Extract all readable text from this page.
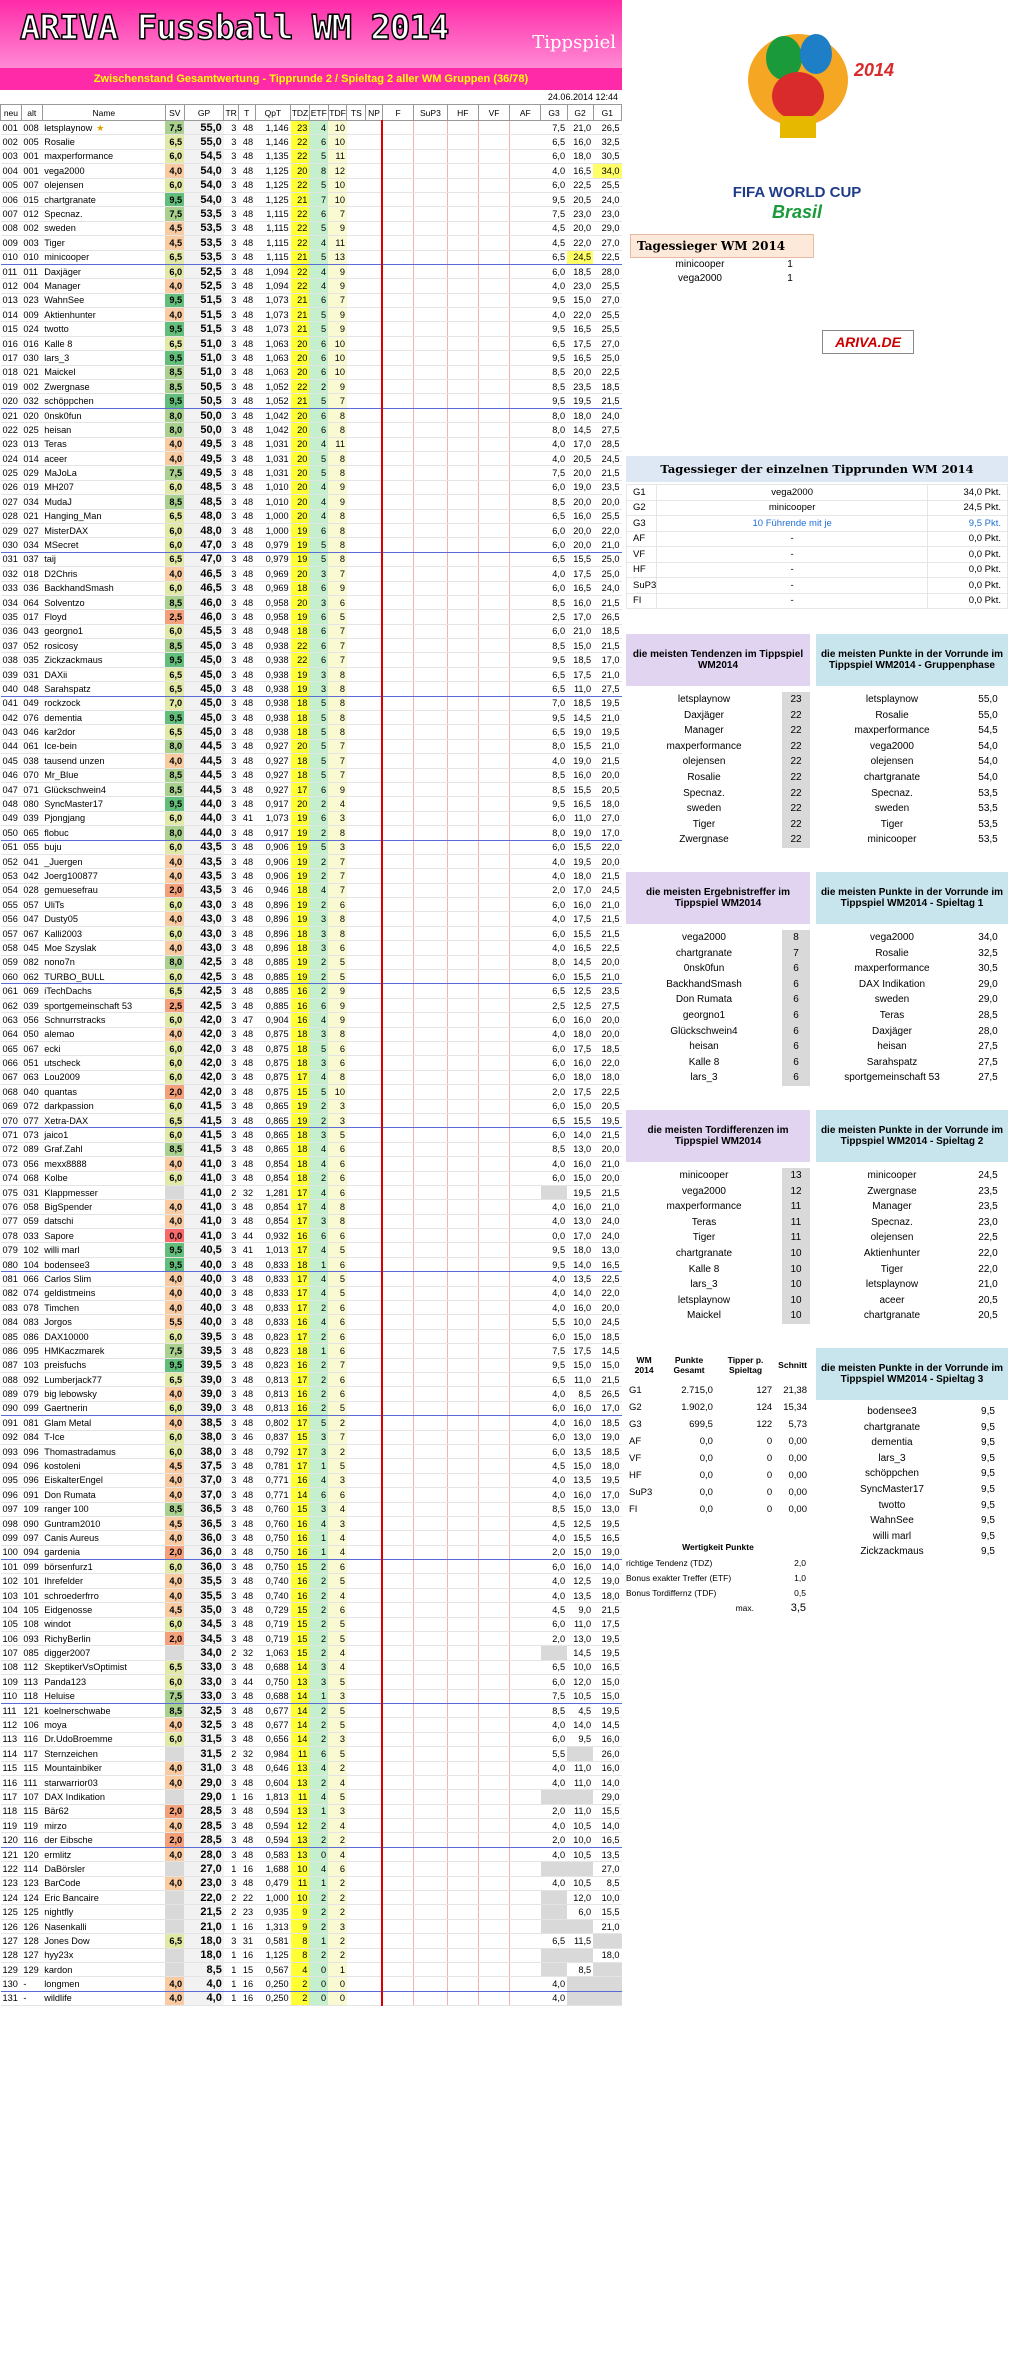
ARIVA Fussball WM 2014	Tippspiel
Zwischenstand Gesamtwertung - Tipprunde 2 / Spieltag 2 aller WM Gruppen (36/78)
24.06.2014 12:44
neu	alt	Name	SV	GP	TR	T	QpT	TDZ	ETF	TDF	TS	NP	F	SuP3	HF	VF	AF	G3	G2	G1
001	008	letsplaynow ★	7,5	55,0	3	48	1,146	23	4	10								7,5	21,0	26,5
002	005	Rosalie	6,5	55,0	3	48	1,146	22	6	10								6,5	16,0	32,5
003	001	maxperformance	6,0	54,5	3	48	1,135	22	5	11								6,0	18,0	30,5
004	001	vega2000	4,0	54,0	3	48	1,125	20	8	12								4,0	16,5	34,0
005	007	olejensen	6,0	54,0	3	48	1,125	22	5	10								6,0	22,5	25,5
006	015	chartgranate	9,5	54,0	3	48	1,125	21	7	10								9,5	20,5	24,0
007	012	Specnaz.	7,5	53,5	3	48	1,115	22	6	7								7,5	23,0	23,0
008	002	sweden	4,5	53,5	3	48	1,115	22	5	9								4,5	20,0	29,0
009	003	Tiger	4,5	53,5	3	48	1,115	22	4	11								4,5	22,0	27,0
010	010	minicooper	6,5	53,5	3	48	1,115	21	5	13								6,5	24,5	22,5
011	011	Daxjäger	6,0	52,5	3	48	1,094	22	4	9								6,0	18,5	28,0
012	004	Manager	4,0	52,5	3	48	1,094	22	4	9								4,0	23,0	25,5
013	023	WahnSee	9,5	51,5	3	48	1,073	21	6	7								9,5	15,0	27,0
014	009	Aktienhunter	4,0	51,5	3	48	1,073	21	5	9								4,0	22,0	25,5
015	024	twotto	9,5	51,5	3	48	1,073	21	5	9								9,5	16,5	25,5
016	016	Kalle 8	6,5	51,0	3	48	1,063	20	6	10								6,5	17,5	27,0
017	030	lars_3	9,5	51,0	3	48	1,063	20	6	10								9,5	16,5	25,0
018	021	Maickel	8,5	51,0	3	48	1,063	20	6	10								8,5	20,0	22,5
019	002	Zwergnase	8,5	50,5	3	48	1,052	22	2	9								8,5	23,5	18,5
020	032	schöppchen	9,5	50,5	3	48	1,052	21	5	7								9,5	19,5	21,5
021	020	0nsk0fun	8,0	50,0	3	48	1,042	20	6	8								8,0	18,0	24,0
022	025	heisan	8,0	50,0	3	48	1,042	20	6	8								8,0	14,5	27,5
023	013	Teras	4,0	49,5	3	48	1,031	20	4	11								4,0	17,0	28,5
024	014	aceer	4,0	49,5	3	48	1,031	20	5	8								4,0	20,5	24,5
025	029	MaJoLa	7,5	49,5	3	48	1,031	20	5	8								7,5	20,0	21,5
026	019	MH207	6,0	48,5	3	48	1,010	20	4	9								6,0	19,0	23,5
027	034	MudaJ	8,5	48,5	3	48	1,010	20	4	9								8,5	20,0	20,0
028	021	Hanging_Man	6,5	48,0	3	48	1,000	20	4	8								6,5	16,0	25,5
029	027	MisterDAX	6,0	48,0	3	48	1,000	19	6	8								6,0	20,0	22,0
030	034	MSecret	6,0	47,0	3	48	0,979	19	5	8								6,0	20,0	21,0
031	037	taij	6,5	47,0	3	48	0,979	19	5	8								6,5	15,5	25,0
032	018	D2Chris	4,0	46,5	3	48	0,969	20	3	7								4,0	17,5	25,0
033	036	BackhandSmash	6,0	46,5	3	48	0,969	18	6	9								6,0	16,5	24,0
034	064	Solventzo	8,5	46,0	3	48	0,958	20	3	6								8,5	16,0	21,5
035	017	Floyd	2,5	46,0	3	48	0,958	19	6	5								2,5	17,0	26,5
036	043	georgno1	6,0	45,5	3	48	0,948	18	6	7								6,0	21,0	18,5
037	052	rosicosy	8,5	45,0	3	48	0,938	22	6	7								8,5	15,0	21,5
038	035	Zickzackmaus	9,5	45,0	3	48	0,938	22	6	7								9,5	18,5	17,0
039	031	DAXii	6,5	45,0	3	48	0,938	19	3	8								6,5	17,5	21,0
040	048	Sarahspatz	6,5	45,0	3	48	0,938	19	3	8								6,5	11,0	27,5
041	049	rockzock	7,0	45,0	3	48	0,938	18	5	8								7,0	18,5	19,5
042	076	dementia	9,5	45,0	3	48	0,938	18	5	8								9,5	14,5	21,0
043	046	kar2dor	6,5	45,0	3	48	0,938	18	5	8								6,5	19,0	19,5
044	061	Ice-bein	8,0	44,5	3	48	0,927	20	5	7								8,0	15,5	21,0
045	038	tausend unzen	4,0	44,5	3	48	0,927	18	5	7								4,0	19,0	21,5
046	070	Mr_Blue	8,5	44,5	3	48	0,927	18	5	7								8,5	16,0	20,0
047	071	Glückschwein4	8,5	44,5	3	48	0,927	17	6	9								8,5	15,5	20,5
048	080	SyncMaster17	9,5	44,0	3	48	0,917	20	2	4								9,5	16,5	18,0
049	039	Pjongjang	6,0	44,0	3	41	1,073	19	6	3								6,0	11,0	27,0
050	065	flobuc	8,0	44,0	3	48	0,917	19	2	8								8,0	19,0	17,0
051	055	buju	6,0	43,5	3	48	0,906	19	5	3								6,0	15,5	22,0
052	041	_Juergen	4,0	43,5	3	48	0,906	19	2	7								4,0	19,5	20,0
053	042	Joerg100877	4,0	43,5	3	48	0,906	19	2	7								4,0	18,0	21,5
054	028	gemuesefrau	2,0	43,5	3	46	0,946	18	4	7								2,0	17,0	24,5
055	057	UliTs	6,0	43,0	3	48	0,896	19	2	6								6,0	16,0	21,0
056	047	Dusty05	4,0	43,0	3	48	0,896	19	3	8								4,0	17,5	21,5
057	067	Kalli2003	6,0	43,0	3	48	0,896	18	3	8								6,0	15,5	21,5
058	045	Moe Szyslak	4,0	43,0	3	48	0,896	18	3	6								4,0	16,5	22,5
059	082	nono7n	8,0	42,5	3	48	0,885	19	2	5								8,0	14,5	20,0
060	062	TURBO_BULL	6,0	42,5	3	48	0,885	19	2	5								6,0	15,5	21,0
061	069	iTechDachs	6,5	42,5	3	48	0,885	16	2	9								6,5	12,5	23,5
062	039	sportgemeinschaft 53	2,5	42,5	3	48	0,885	16	6	9								2,5	12,5	27,5
063	056	Schnurrstracks	6,0	42,0	3	47	0,904	16	4	9								6,0	16,0	20,0
064	050	alemao	4,0	42,0	3	48	0,875	18	3	8								4,0	18,0	20,0
065	067	ecki	6,0	42,0	3	48	0,875	18	5	6								6,0	17,5	18,5
066	051	utscheck	6,0	42,0	3	48	0,875	18	3	6								6,0	16,0	22,0
067	063	Lou2009	6,0	42,0	3	48	0,875	17	4	8								6,0	18,0	18,0
068	040	quantas	2,0	42,0	3	48	0,875	15	5	10								2,0	17,5	22,5
069	072	darkpassion	6,0	41,5	3	48	0,865	19	2	3								6,0	15,0	20,5
070	077	Xetra-DAX	6,5	41,5	3	48	0,865	19	2	3								6,5	15,5	19,5
071	073	jaico1	6,0	41,5	3	48	0,865	18	3	5								6,0	14,0	21,5
072	089	Graf.Zahl	8,5	41,5	3	48	0,865	18	4	6								8,5	13,0	20,0
073	056	mexx8888	4,0	41,0	3	48	0,854	18	4	6								4,0	16,0	21,0
074	068	Kolbe	6,0	41,0	3	48	0,854	18	2	6								6,0	15,0	20,0
075	031	Klappmesser		41,0	2	32	1,281	17	4	6									19,5	21,5
076	058	BigSpender	4,0	41,0	3	48	0,854	17	4	8								4,0	16,0	21,0
077	059	datschi	4,0	41,0	3	48	0,854	17	3	8								4,0	13,0	24,0
078	033	Sapore	0,0	41,0	3	44	0,932	16	6	6								0,0	17,0	24,0
079	102	willi marl	9,5	40,5	3	41	1,013	17	4	5								9,5	18,0	13,0
080	104	bodensee3	9,5	40,0	3	48	0,833	18	1	6								9,5	14,0	16,5
081	066	Carlos Slim	4,0	40,0	3	48	0,833	17	4	5								4,0	13,5	22,5
082	074	geldistmeins	4,0	40,0	3	48	0,833	17	4	5								4,0	14,0	22,0
083	078	Timchen	4,0	40,0	3	48	0,833	17	2	6								4,0	16,0	20,0
084	083	Jorgos	5,5	40,0	3	48	0,833	16	4	6								5,5	10,0	24,5
085	086	DAX10000	6,0	39,5	3	48	0,823	17	2	6								6,0	15,0	18,5
086	095	HMKaczmarek	7,5	39,5	3	48	0,823	18	1	6								7,5	17,5	14,5
087	103	preisfuchs	9,5	39,5	3	48	0,823	16	2	7								9,5	15,0	15,0
088	092	Lumberjack77	6,5	39,0	3	48	0,813	17	2	6								6,5	11,0	21,5
089	079	big lebowsky	4,0	39,0	3	48	0,813	16	2	6								4,0	8,5	26,5
090	099	Gaertnerin	6,0	39,0	3	48	0,813	16	2	5								6,0	16,0	17,0
091	081	Glam Metal	4,0	38,5	3	48	0,802	17	5	2								4,0	16,0	18,5
092	084	T-Ice	6,0	38,0	3	46	0,837	15	3	7								6,0	13,0	19,0
093	096	Thomastradamus	6,0	38,0	3	48	0,792	17	3	2								6,0	13,5	18,5
094	096	kostoleni	4,5	37,5	3	48	0,781	17	1	5								4,5	15,0	18,0
095	096	EiskalterEngel	4,0	37,0	3	48	0,771	16	4	3								4,0	13,5	19,5
096	091	Don Rumata	4,0	37,0	3	48	0,771	14	6	6								4,0	16,0	17,0
097	109	ranger 100	8,5	36,5	3	48	0,760	15	3	4								8,5	15,0	13,0
098	090	Guntram2010	4,5	36,5	3	48	0,760	16	4	3								4,5	12,5	19,5
099	097	Canis Aureus	4,0	36,0	3	48	0,750	16	1	4								4,0	15,5	16,5
100	094	gardenia	2,0	36,0	3	48	0,750	16	1	4								2,0	15,0	19,0
101	099	börsenfurz1	6,0	36,0	3	48	0,750	15	2	6								6,0	16,0	14,0
102	101	Ihrefelder	4,0	35,5	3	48	0,740	16	2	5								4,0	12,5	19,0
103	101	schroederfrro	4,0	35,5	3	48	0,740	16	2	4								4,0	13,5	18,0
104	105	Eidgenosse	4,5	35,0	3	48	0,729	15	2	6								4,5	9,0	21,5
105	108	windot	6,0	34,5	3	48	0,719	15	2	5								6,0	11,0	17,5
106	093	RichyBerlin	2,0	34,5	3	48	0,719	15	2	5								2,0	13,0	19,5
107	085	digger2007		34,0	2	32	1,063	15	2	4									14,5	19,5
108	112	SkeptikerVsOptimist	6,5	33,0	3	48	0,688	14	3	4								6,5	10,0	16,5
109	113	Panda123	6,0	33,0	3	44	0,750	13	3	5								6,0	12,0	15,0
110	118	Heluise	7,5	33,0	3	48	0,688	14	1	3								7,5	10,5	15,0
111	121	koelnerschwabe	8,5	32,5	3	48	0,677	14	2	5								8,5	4,5	19,5
112	106	moya	4,0	32,5	3	48	0,677	14	2	5								4,0	14,0	14,5
113	116	Dr.UdoBroemme	6,0	31,5	3	48	0,656	14	2	3								6,0	9,5	16,0
114	117	Sternzeichen		31,5	2	32	0,984	11	6	5								5,5		26,0
115	115	Mountainbiker	4,0	31,0	3	48	0,646	13	4	2								4,0	11,0	16,0
116	111	starwarrior03	4,0	29,0	3	48	0,604	13	2	4								4,0	11,0	14,0
117	107	DAX Indikation		29,0	1	16	1,813	11	4	5										29,0
118	115	Bär62	2,0	28,5	3	48	0,594	13	1	3								2,0	11,0	15,5
119	119	mirzo	4,0	28,5	3	48	0,594	12	2	4								4,0	10,5	14,0
120	116	der Eibsche	2,0	28,5	3	48	0,594	13	2	2								2,0	10,0	16,5
121	120	ermlitz	4,0	28,0	3	48	0,583	13	0	4								4,0	10,5	13,5
122	114	DaBörsler		27,0	1	16	1,688	10	4	6										27,0
123	123	BarCode	4,0	23,0	3	48	0,479	11	1	2								4,0	10,5	8,5
124	124	Eric Bancaire		22,0	2	22	1,000	10	2	2									12,0	10,0
125	125	nightfly		21,5	2	23	0,935	9	2	2									6,0	15,5
126	126	Nasenkalli		21,0	1	16	1,313	9	2	3										21,0
127	128	Jones Dow	6,5	18,0	3	31	0,581	8	1	2								6,5	11,5	
128	127	hyy23x		18,0	1	16	1,125	8	2	2										18,0
129	129	kardon		8,5	1	15	0,567	4	0	1									8,5	
130	-	longmen	4,0	4,0	1	16	0,250	2	0	0								4,0		
131	-	wildlife	4,0	4,0	1	16	0,250	2	0	0								4,0		
2014
FIFA WORLD CUP
Brasil
Tagessieger WM 2014
minicooper	1
vega2000	1
ARIVA.DE
Tagessieger der einzelnen Tipprunden WM 2014
G1	vega2000	34,0 Pkt.
G2	minicooper	24,5 Pkt.
G3	10 Führende mit je	9,5 Pkt.
AF	-	0,0 Pkt.
VF	-	0,0 Pkt.
HF	-	0,0 Pkt.
SuP3	-	0,0 Pkt.
FI	-	0,0 Pkt.
die meisten Tendenzen im Tippspiel WM2014
letsplaynow	23
Daxjäger	22
Manager	22
maxperformance	22
olejensen	22
Rosalie	22
Specnaz.	22
sweden	22
Tiger	22
Zwergnase	22
die meisten Punkte in der Vorrunde im Tippspiel WM2014 - Gruppenphase
letsplaynow	55,0
Rosalie	55,0
maxperformance	54,5
vega2000	54,0
olejensen	54,0
chartgranate	54,0
Specnaz.	53,5
sweden	53,5
Tiger	53,5
minicooper	53,5
die meisten Ergebnistreffer im Tippspiel WM2014
vega2000	8
chartgranate	7
0nsk0fun	6
BackhandSmash	6
Don Rumata	6
georgno1	6
Glückschwein4	6
heisan	6
Kalle 8	6
lars_3	6
die meisten Punkte in der Vorrunde im Tippspiel WM2014 - Spieltag 1
vega2000	34,0
Rosalie	32,5
maxperformance	30,5
DAX Indikation	29,0
sweden	29,0
Teras	28,5
Daxjäger	28,0
heisan	27,5
Sarahspatz	27,5
sportgemeinschaft 53	27,5
die meisten Tordifferenzen im Tippspiel WM2014
minicooper	13
vega2000	12
maxperformance	11
Teras	11
Tiger	11
chartgranate	10
Kalle 8	10
lars_3	10
letsplaynow	10
Maickel	10
die meisten Punkte in der Vorrunde im Tippspiel WM2014 - Spieltag 2
minicooper	24,5
Zwergnase	23,5
Manager	23,5
Specnaz.	23,0
olejensen	22,5
Aktienhunter	22,0
Tiger	22,0
letsplaynow	21,0
aceer	20,5
chartgranate	20,5
WM 2014	Punkte Gesamt	Tipper p. Spieltag	Schnitt
G1	2.715,0	127	21,38
G2	1.902,0	124	15,34
G3	699,5	122	5,73
AF	0,0	0	0,00
VF	0,0	0	0,00
HF	0,0	0	0,00
SuP3	0,0	0	0,00
FI	0,0	0	0,00
Wertigkeit Punkte
richtige Tendenz (TDZ)	2,0
Bonus exakter Treffer (ETF)	1,0
Bonus Tordiffernz (TDF)	0,5
max.	3,5
die meisten Punkte in der Vorrunde im Tippspiel WM2014 - Spieltag 3
bodensee3	9,5
chartgranate	9,5
dementia	9,5
lars_3	9,5
schöppchen	9,5
SyncMaster17	9,5
twotto	9,5
WahnSee	9,5
willi marl	9,5
Zickzackmaus	9,5
